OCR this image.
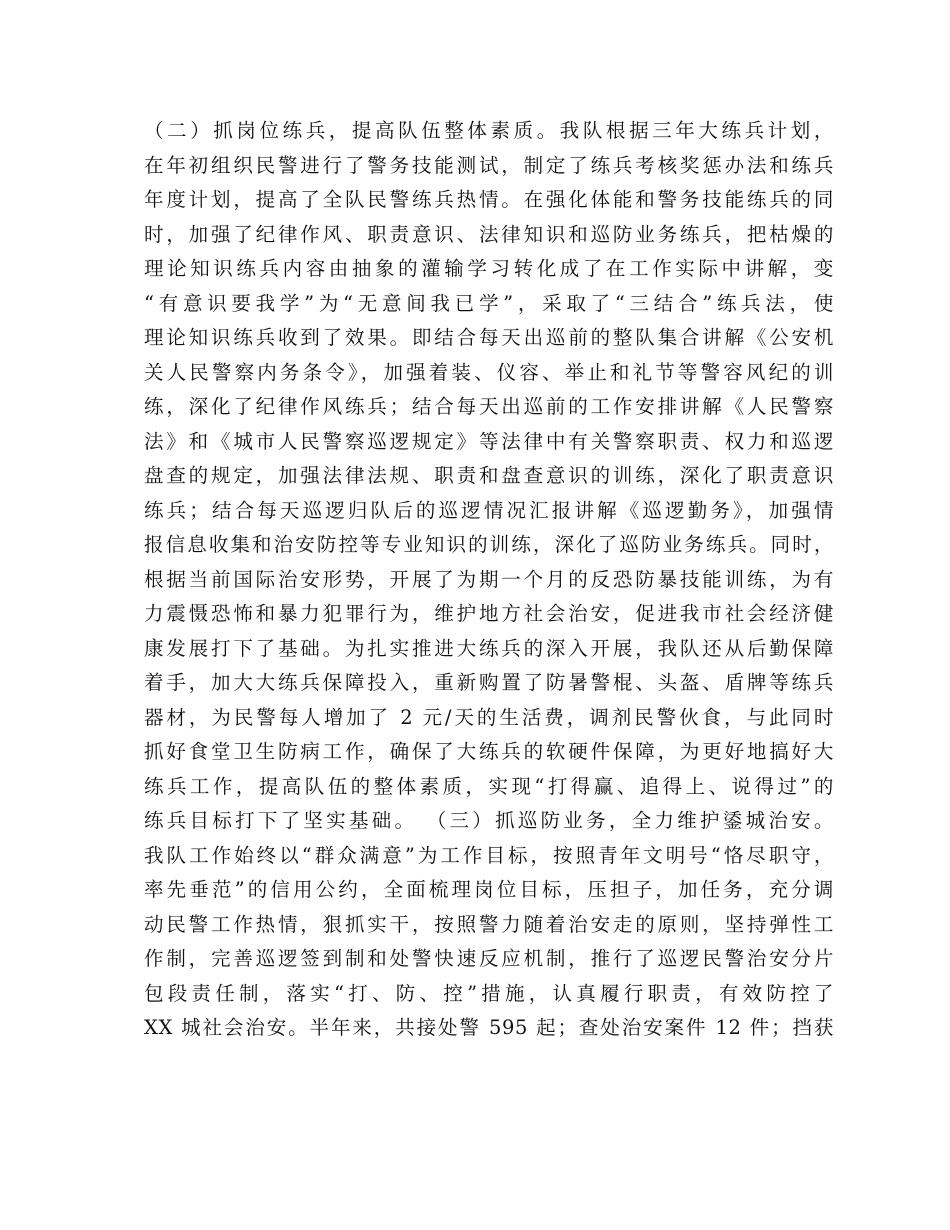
（二）抓岗位练兵，提高队伍整体素质。我队根据三年大练兵计划，
在年初组织民警进行了警务技能测试，制定了练兵考核奖惩办法和练兵
年度计划，提高了全队民警练兵热情。在强化体能和警务技能练兵的同
时，加强了纪律作风、职责意识、法律知识和巡防业务练兵，把枯燥的
理论知识练兵内容由抽象的灌输学习转化成了在工作实际中讲解，变
“有意识要我学”为“无意间我已学”，采取了“三结合”练兵法，使
理论知识练兵收到了效果。即结合每天出巡前的整队集合讲解《公安机
关人民警察内务条令》，加强着装、仪容、举止和礼节等警容风纪的训
练，深化了纪律作风练兵；结合每天出巡前的工作安排讲解《人民警察
法》和《城市人民警察巡逻规定》等法律中有关警察职责、权力和巡逻
盘查的规定，加强法律法规、职责和盘查意识的训练，深化了职责意识
练兵；结合每天巡逻归队后的巡逻情况汇报讲解《巡逻勤务》，加强情
报信息收集和治安防控等专业知识的训练，深化了巡防业务练兵。同时，
根据当前国际治安形势，开展了为期一个月的反恐防暴技能训练，为有
力震慑恐怖和暴力犯罪行为，维护地方社会治安，促进我市社会经济健
康发展打下了基础。为扎实推进大练兵的深入开展，我队还从后勤保障
着手，加大大练兵保障投入，重新购置了防暑警棍、头盔、盾牌等练兵
器材，为民警每人增加了 2 元/天的生活费，调剂民警伙食，与此同时
抓好食堂卫生防病工作，确保了大练兵的软硬件保障，为更好地搞好大
练兵工作，提高队伍的整体素质，实现“打得赢、追得上、说得过”的
练兵目标打下了坚实基础。 （三）抓巡防业务，全力维护鋈城治安。
我队工作始终以“群众满意”为工作目标，按照青年文明号“恪尽职守，
率先垂范”的信用公约，全面梳理岗位目标，压担子，加任务，充分调
动民警工作热情，狠抓实干，按照警力随着治安走的原则，坚持弹性工
作制，完善巡逻签到制和处警快速反应机制，推行了巡逻民警治安分片
包段责任制，落实“打、防、控”措施，认真履行职责，有效防控了
XX 城社会治安。半年来，共接处警 595 起；查处治安案件 12 件；挡获
